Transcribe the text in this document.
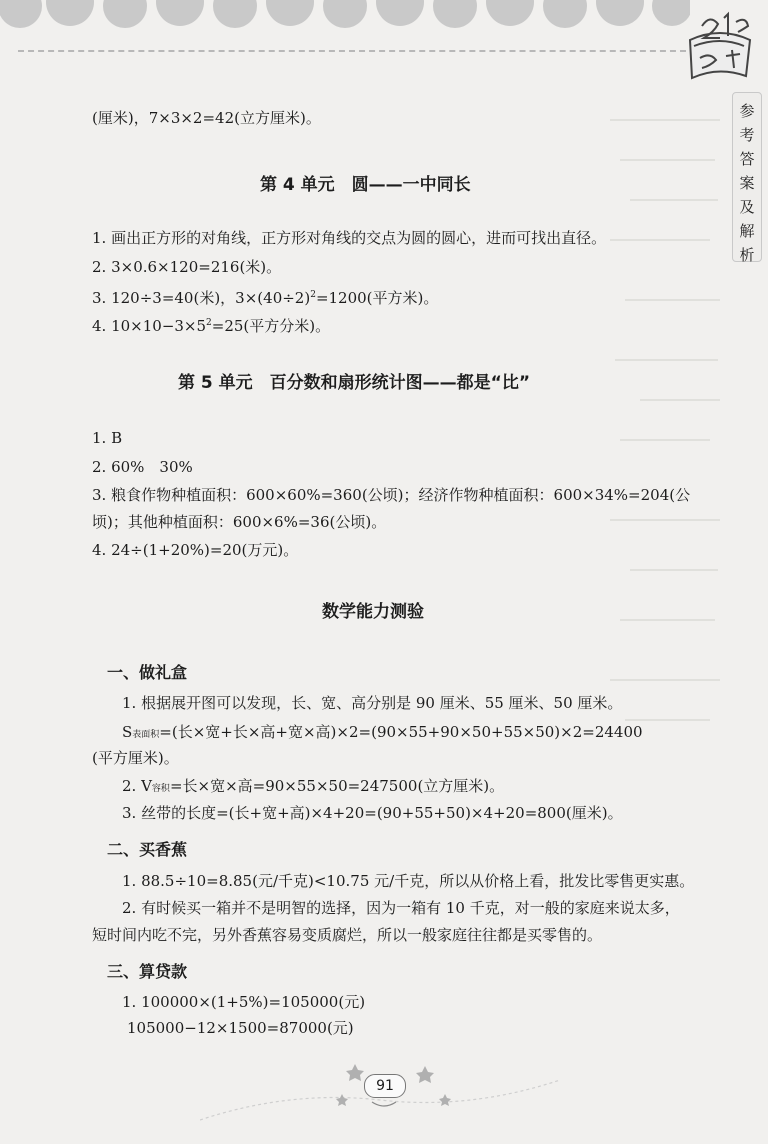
参
考
答
案
及
解
析
(厘米)，7×3×2=42(立方厘米)。
第 4 单元　圆——一中同长
1. 画出正方形的对角线，正方形对角线的交点为圆的圆心，进而可找出直径。
2. 3×0.6×120=216(米)。
3. 120÷3=40(米)，$3\times(40\div 2)^2=1200$(平方米)。
4. $10\times 10-3\times 5^2=25$(平方分米)。
第 5 单元　百分数和扇形统计图——都是“比”
1. B
2. 60%　30%
3. 粮食作物种植面积：600×60%=360(公顷)；经济作物种植面积：600×34%=204(公
顷)；其他种植面积：600×6%=36(公顷)。
4. 24÷(1+20%)=20(万元)。
数学能力测验
一、做礼盒
1. 根据展开图可以发现，长、宽、高分别是 90 厘米、55 厘米、50 厘米。
S表面积=(长×宽+长×高+宽×高)×2=(90×55+90×50+55×50)×2=24400
(平方厘米)。
2. V容积=长×宽×高=90×55×50=247500(立方厘米)。
3. 丝带的长度=(长+宽+高)×4+20=(90+55+50)×4+20=800(厘米)。
二、买香蕉
1. 88.5÷10=8.85(元/千克)<10.75 元/千克，所以从价格上看，批发比零售更实惠。
2. 有时候买一箱并不是明智的选择，因为一箱有 10 千克，对一般的家庭来说太多，
短时间内吃不完，另外香蕉容易变质腐烂，所以一般家庭往往都是买零售的。
三、算贷款
1. 100000×(1+5%)=105000(元)
105000−12×1500=87000(元)
91
